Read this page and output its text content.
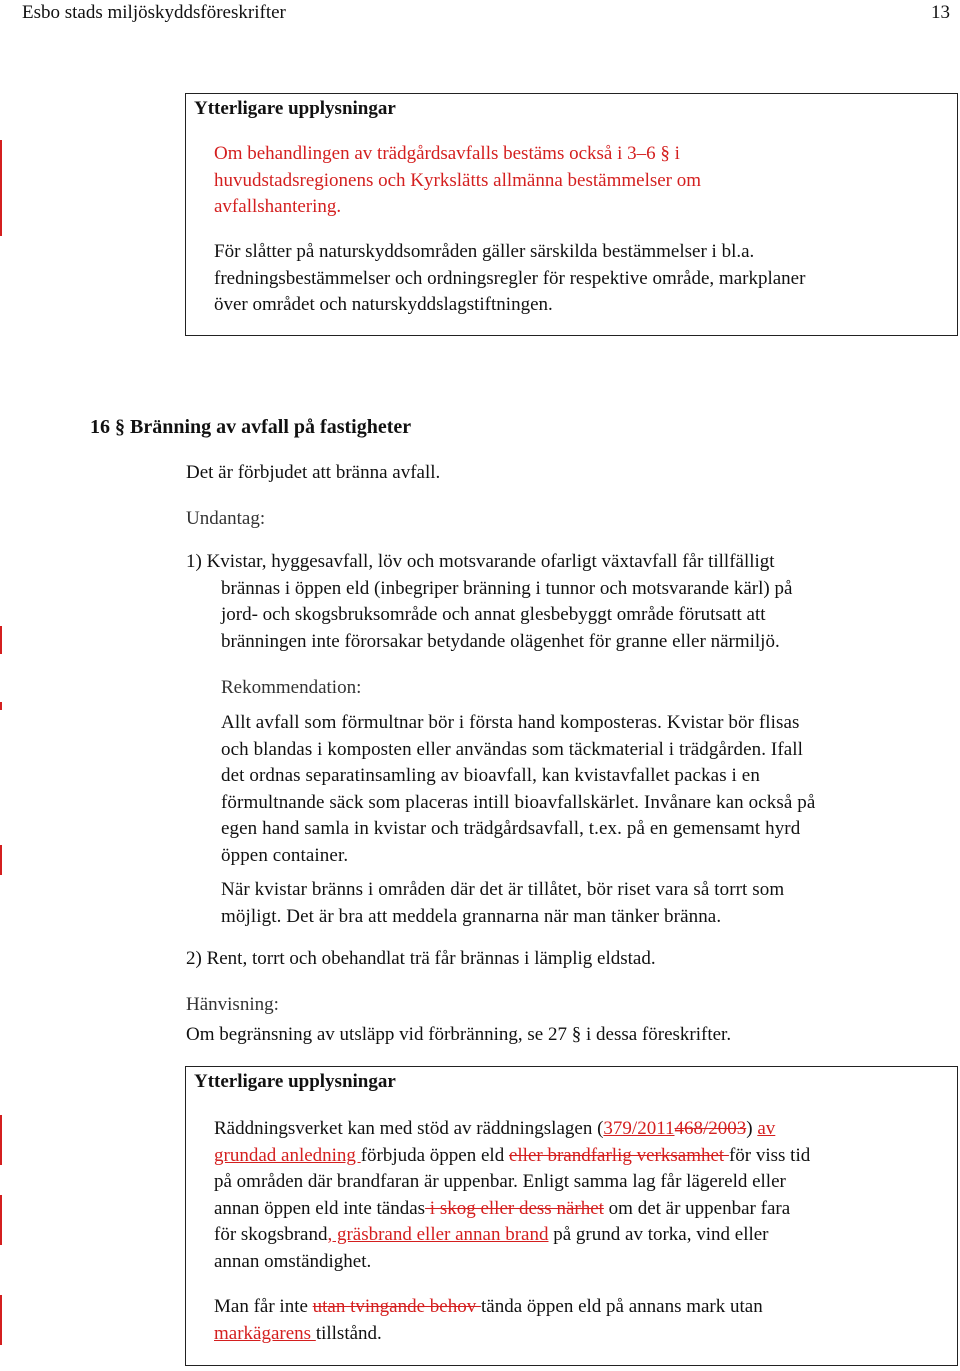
Esbo stads miljöskyddsföreskrifter	13
Ytterligare upplysningar
Om behandlingen av trädgårdsavfalls bestäms också i 3–6 § i
huvudstadsregionens och Kyrkslätts allmänna bestämmelser om
avfallshantering.
För slåtter på naturskyddsområden gäller särskilda bestämmelser i bl.a.
fredningsbestämmelser och ordningsregler för respektive område, markplaner
över området och naturskyddslagstiftningen.
16 § Bränning av avfall på fastigheter
Det är förbjudet att bränna avfall.
Undantag:
1) Kvistar, hyggesavfall, löv och motsvarande ofarligt växtavfall får tillfälligt
brännas i öppen eld (inbegriper bränning i tunnor och motsvarande kärl) på
jord- och skogsbruksområde och annat glesbebyggt område förutsatt att
bränningen inte förorsakar betydande olägenhet för granne eller närmiljö.
Rekommendation:
Allt avfall som förmultnar bör i första hand komposteras. Kvistar bör flisas
och blandas i komposten eller användas som täckmaterial i trädgården. Ifall
det ordnas separatinsamling av bioavfall, kan kvistavfallet packas i en
förmultnande säck som placeras intill bioavfallskärlet. Invånare kan också på
egen hand samla in kvistar och trädgårdsavfall, t.ex. på en gemensamt hyrd
öppen container.
När kvistar bränns i områden där det är tillåtet, bör riset vara så torrt som
möjligt. Det är bra att meddela grannarna när man tänker bränna.
2) Rent, torrt och obehandlat trä får brännas i lämplig eldstad.
Hänvisning:
Om begränsning av utsläpp vid förbränning, se 27 § i dessa föreskrifter.
Ytterligare upplysningar
Räddningsverket kan med stöd av räddningslagen (379/2011468/2003) av
grundad anledning förbjuda öppen eld eller brandfarlig verksamhet för viss tid
på områden där brandfaran är uppenbar. Enligt samma lag får lägereld eller
annan öppen eld inte tändas i skog eller dess närhet om det är uppenbar fara
för skogsbrand, gräsbrand eller annan brand på grund av torka, vind eller
annan omständighet.
Man får inte utan tvingande behov tända öppen eld på annans mark utan
markägarens tillstånd.
